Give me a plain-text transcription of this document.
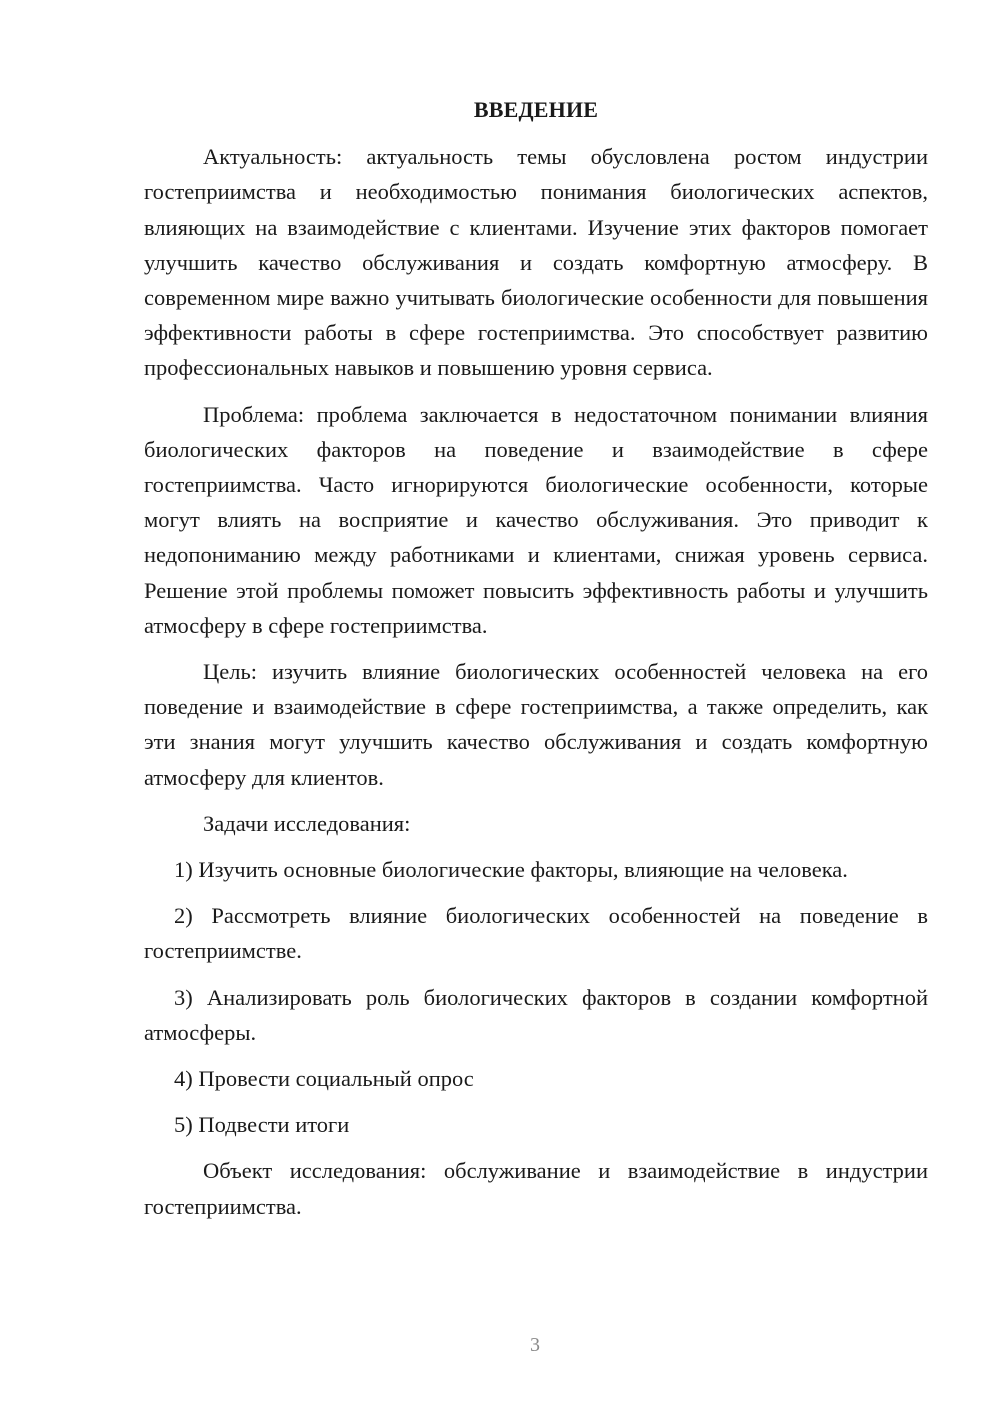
ВВЕДЕНИЕ

Актуальность: актуальность темы обусловлена ростом индустрии гостеприимства и необходимостью понимания биологических аспектов, влияющих на взаимодействие с клиентами. Изучение этих факторов помогает улучшить качество обслуживания и создать комфортную атмосферу. В современном мире важно учитывать биологические особенности для повышения эффективности работы в сфере гостеприимства. Это способствует развитию профессиональных навыков и повышению уровня сервиса.

Проблема: проблема заключается в недостаточном понимании влияния биологических факторов на поведение и взаимодействие в сфере гостеприимства. Часто игнорируются биологические особенности, которые могут влиять на восприятие и качество обслуживания. Это приводит к недопониманию между работниками и клиентами, снижая уровень сервиса. Решение этой проблемы поможет повысить эффективность работы и улучшить атмосферу в сфере гостеприимства.

Цель: изучить влияние биологических особенностей человека на его поведение и взаимодействие в сфере гостеприимства, а также определить, как эти знания могут улучшить качество обслуживания и создать комфортную атмосферу для клиентов.

Задачи исследования:

1) Изучить основные биологические факторы, влияющие на человека.

2) Рассмотреть влияние биологических особенностей на поведение в гостеприимстве.

3) Анализировать роль биологических факторов в создании комфортной атмосферы.

4) Провести социальный опрос

5) Подвести итоги

Объект исследования: обслуживание и взаимодействие в индустрии гостеприимства.

3
